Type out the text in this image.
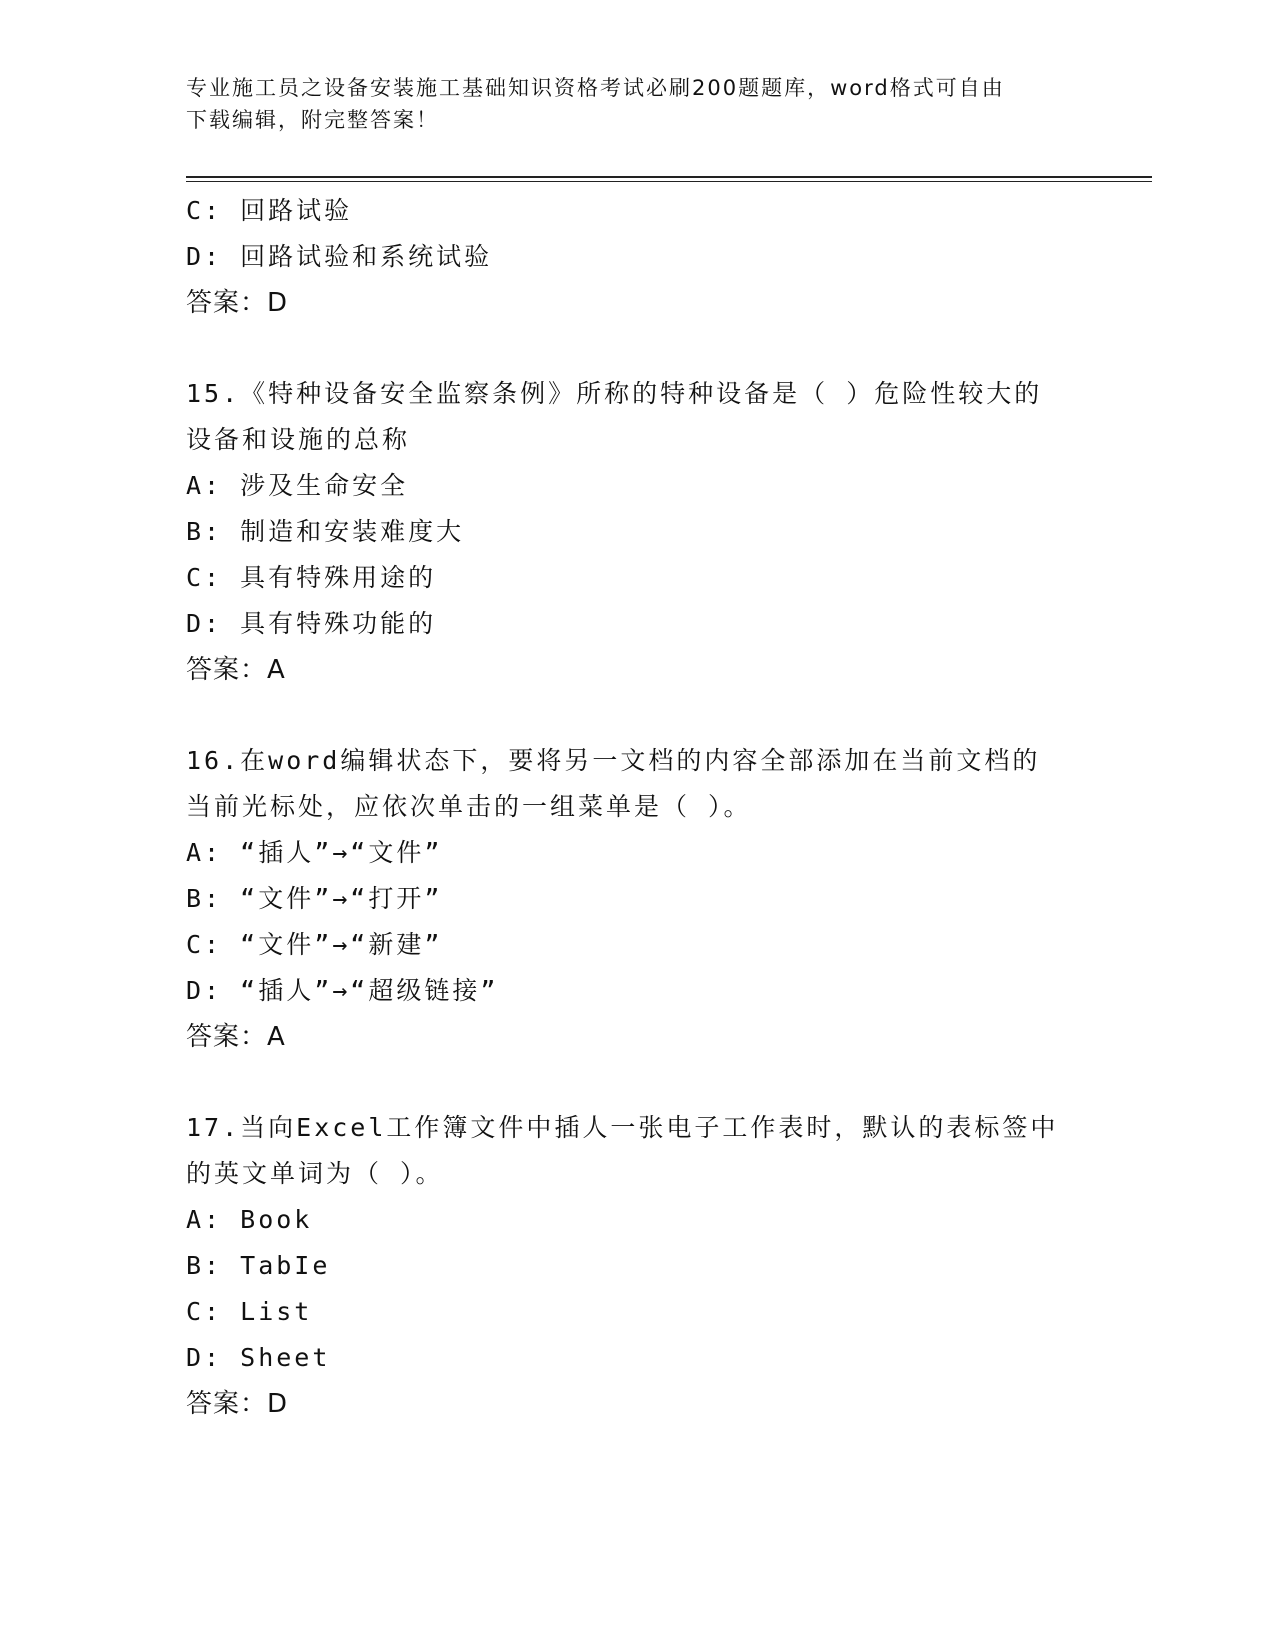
专业施工员之设备安装施工基础知识资格考试必刷200题题库，word格式可自由
下载编辑，附完整答案！
C: 回路试验
D: 回路试验和系统试验
答案：D
15.《特种设备安全监察条例》所称的特种设备是（ ）危险性较大的
设备和设施的总称
A: 涉及生命安全
B: 制造和安装难度大
C: 具有特殊用途的
D: 具有特殊功能的
答案：A
16.在word编辑状态下，要将另一文档的内容全部添加在当前文档的
当前光标处，应依次单击的一组菜单是（ ）。
A: “插人”→“文件”
B: “文件”→“打开”
C: “文件”→“新建”
D: “插人”→“超级链接”
答案：A
17.当向Excel工作簿文件中插人一张电子工作表时，默认的表标签中
的英文单词为（ ）。
A: Book
B: TabIe
C: List
D: Sheet
答案：D
